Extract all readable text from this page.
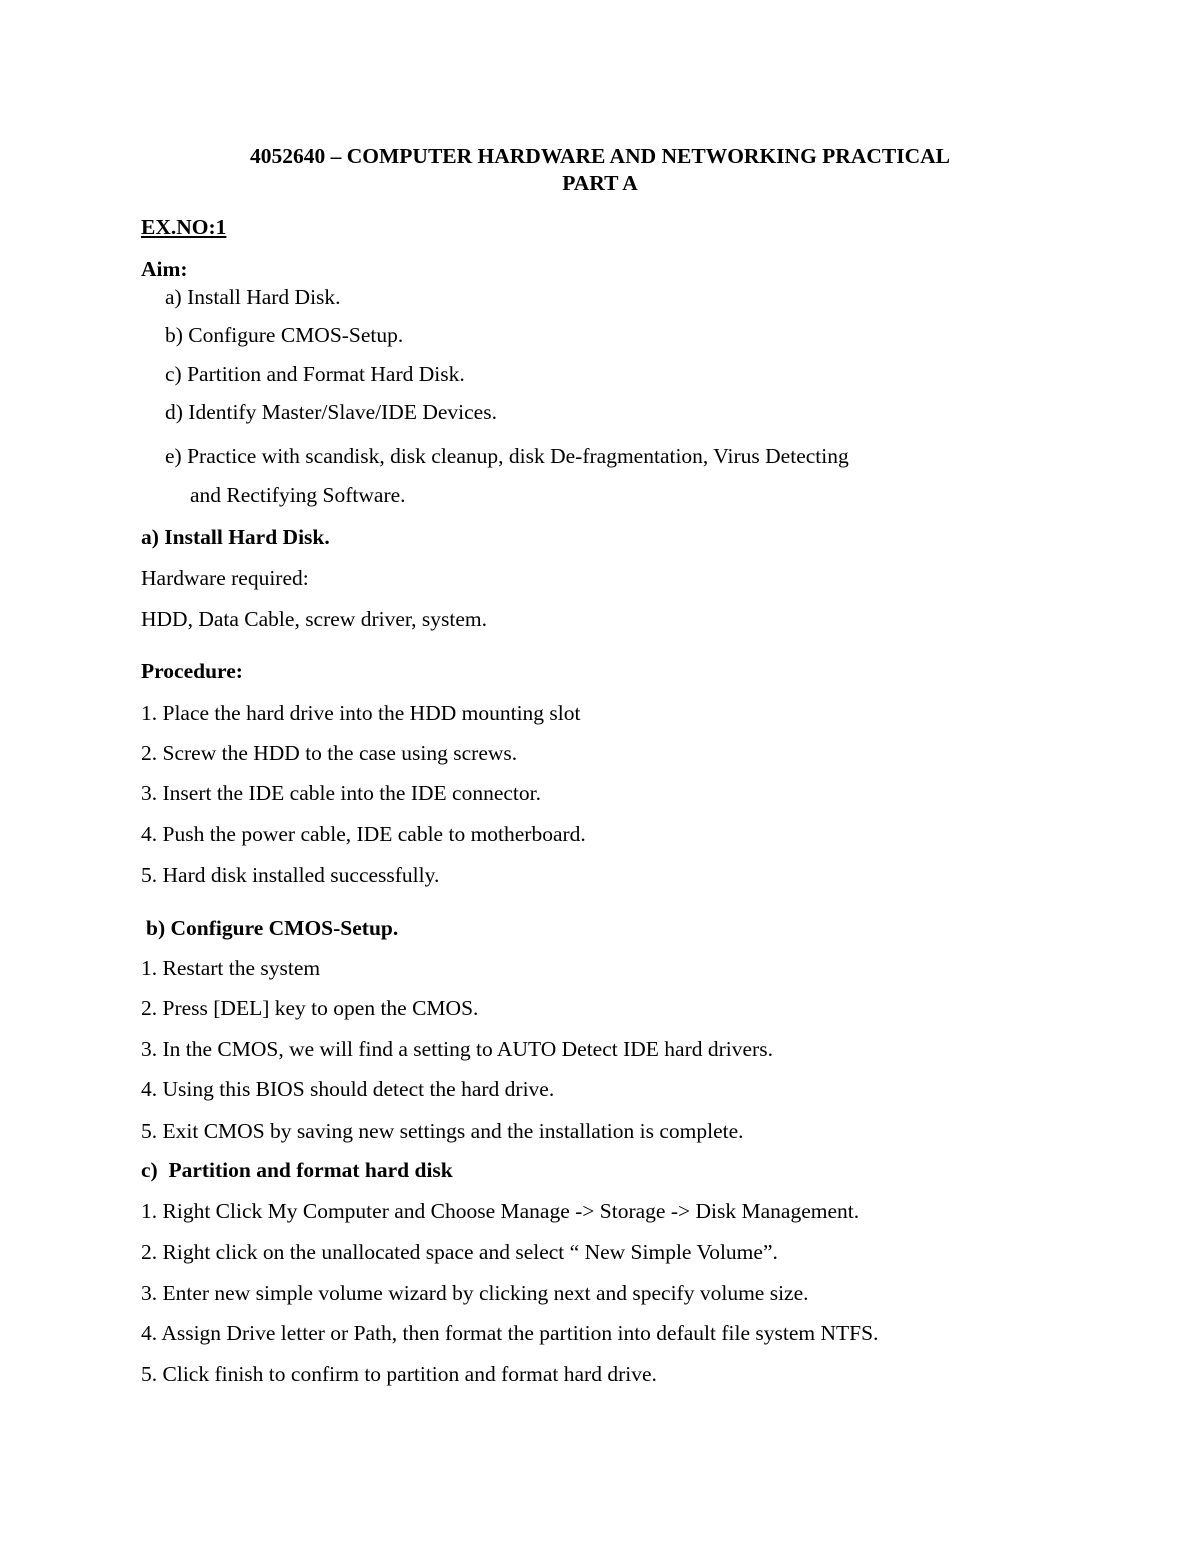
4052640 – COMPUTER HARDWARE AND NETWORKING PRACTICAL
PART A
EX.NO:1
Aim:
a) Install Hard Disk.
b) Configure CMOS-Setup.
c) Partition and Format Hard Disk.
d) Identify Master/Slave/IDE Devices.
e) Practice with scandisk, disk cleanup, disk De-fragmentation, Virus Detecting
and Rectifying Software.
a) Install Hard Disk.
Hardware required:
HDD, Data Cable, screw driver, system.
Procedure:
1. Place the hard drive into the HDD mounting slot
2. Screw the HDD to the case using screws.
3. Insert the IDE cable into the IDE connector.
4. Push the power cable, IDE cable to motherboard.
5. Hard disk installed successfully.
b) Configure CMOS-Setup.
1. Restart the system
2. Press [DEL] key to open the CMOS.
3. In the CMOS, we will find a setting to AUTO Detect IDE hard drivers.
4. Using this BIOS should detect the hard drive.
5. Exit CMOS by saving new settings and the installation is complete.
c)  Partition and format hard disk
1. Right Click My Computer and Choose Manage -> Storage -> Disk Management.
2. Right click on the unallocated space and select “ New Simple Volume”.
3. Enter new simple volume wizard by clicking next and specify volume size.
4. Assign Drive letter or Path, then format the partition into default file system NTFS.
5. Click finish to confirm to partition and format hard drive.
